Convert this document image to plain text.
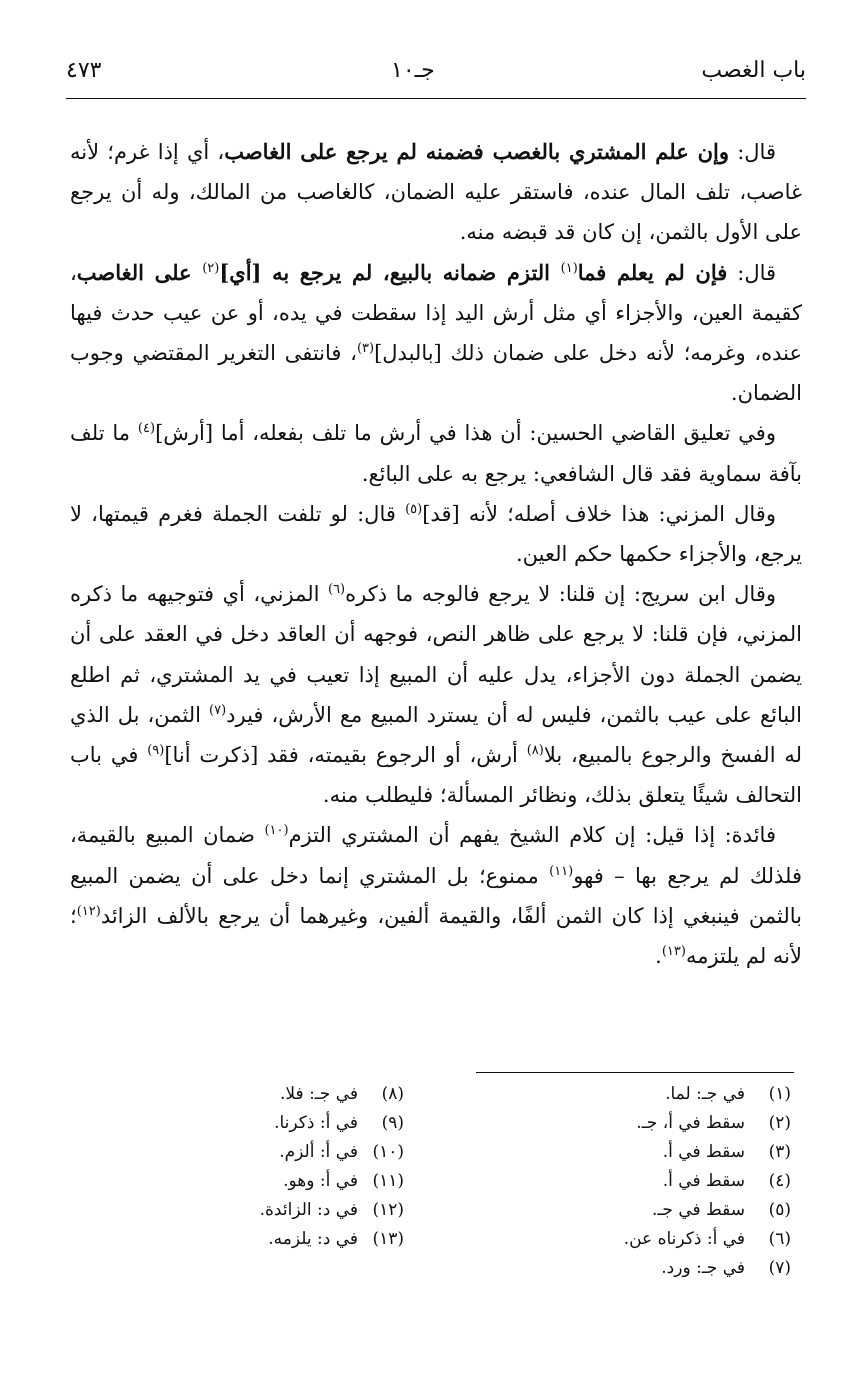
باب الغصب
جـ١٠
٤٧٣

قال: وإن علم المشتري بالغصب فضمنه لم يرجع على الغاصب، أي إذا غرم؛ لأنه غاصب، تلف المال عنده، فاستقر عليه الضمان، كالغاصب من المالك، وله أن يرجع على الأول بالثمن، إن كان قد قبضه منه.

قال: فإن لم يعلم فما$^{(١)}$ التزم ضمانه بالبيع، لم يرجع به [أي]$^{(٢)}$ على الغاصب، كقيمة العين، والأجزاء أي مثل أرش اليد إذا سقطت في يده، أو عن عيب حدث فيها عنده، وغرمه؛ لأنه دخل على ضمان ذلك [بالبدل]$^{(٣)}$، فانتفى التغرير المقتضي وجوب الضمان.

وفي تعليق القاضي الحسين: أن هذا في أرش ما تلف بفعله، أما [أرش]$^{(٤)}$ ما تلف بآفة سماوية فقد قال الشافعي: يرجع به على البائع.

وقال المزني: هذا خلاف أصله؛ لأنه [قد]$^{(٥)}$ قال: لو تلفت الجملة فغرم قيمتها، لا يرجع، والأجزاء حكمها حكم العين.

وقال ابن سريج: إن قلنا: لا يرجع فالوجه ما ذكره$^{(٦)}$ المزني، أي فتوجيهه ما ذكره المزني، فإن قلنا: لا يرجع على ظاهر النص، فوجهه أن العاقد دخل في العقد على أن يضمن الجملة دون الأجزاء، يدل عليه أن المبيع إذا تعيب في يد المشتري، ثم اطلع البائع على عيب بالثمن، فليس له أن يسترد المبيع مع الأرش، فيرد$^{(٧)}$ الثمن، بل الذي له الفسخ والرجوع بالمبيع، بلا$^{(٨)}$ أرش، أو الرجوع بقيمته، فقد [ذكرت أنا]$^{(٩)}$ في باب التحالف شيئًا يتعلق بذلك، ونظائر المسألة؛ فليطلب منه.

فائدة: إذا قيل: إن كلام الشيخ يفهم أن المشتري التزم$^{(١٠)}$ ضمان المبيع بالقيمة، فلذلك لم يرجع بها – فهو$^{(١١)}$ ممنوع؛ بل المشتري إنما دخل على أن يضمن المبيع بالثمن فينبغي إذا كان الثمن ألفًا، والقيمة ألفين، وغيرهما أن يرجع بالألف الزائد$^{(١٢)}$؛ لأنه لم يلتزمه$^{(١٣)}$.

(١)في جـ: لما.
(٢)سقط في أ، جـ.
(٣)سقط في أ.
(٤)سقط في أ.
(٥)سقط في جـ.
(٦)في أ: ذكرناه عن.
(٧)في جـ: ورد.
(٨)في جـ: فلا.
(٩)في أ: ذكرنا.
(١٠)في أ: ألزم.
(١١)في أ: وهو.
(١٢)في د: الزائدة.
(١٣)في د: يلزمه.
